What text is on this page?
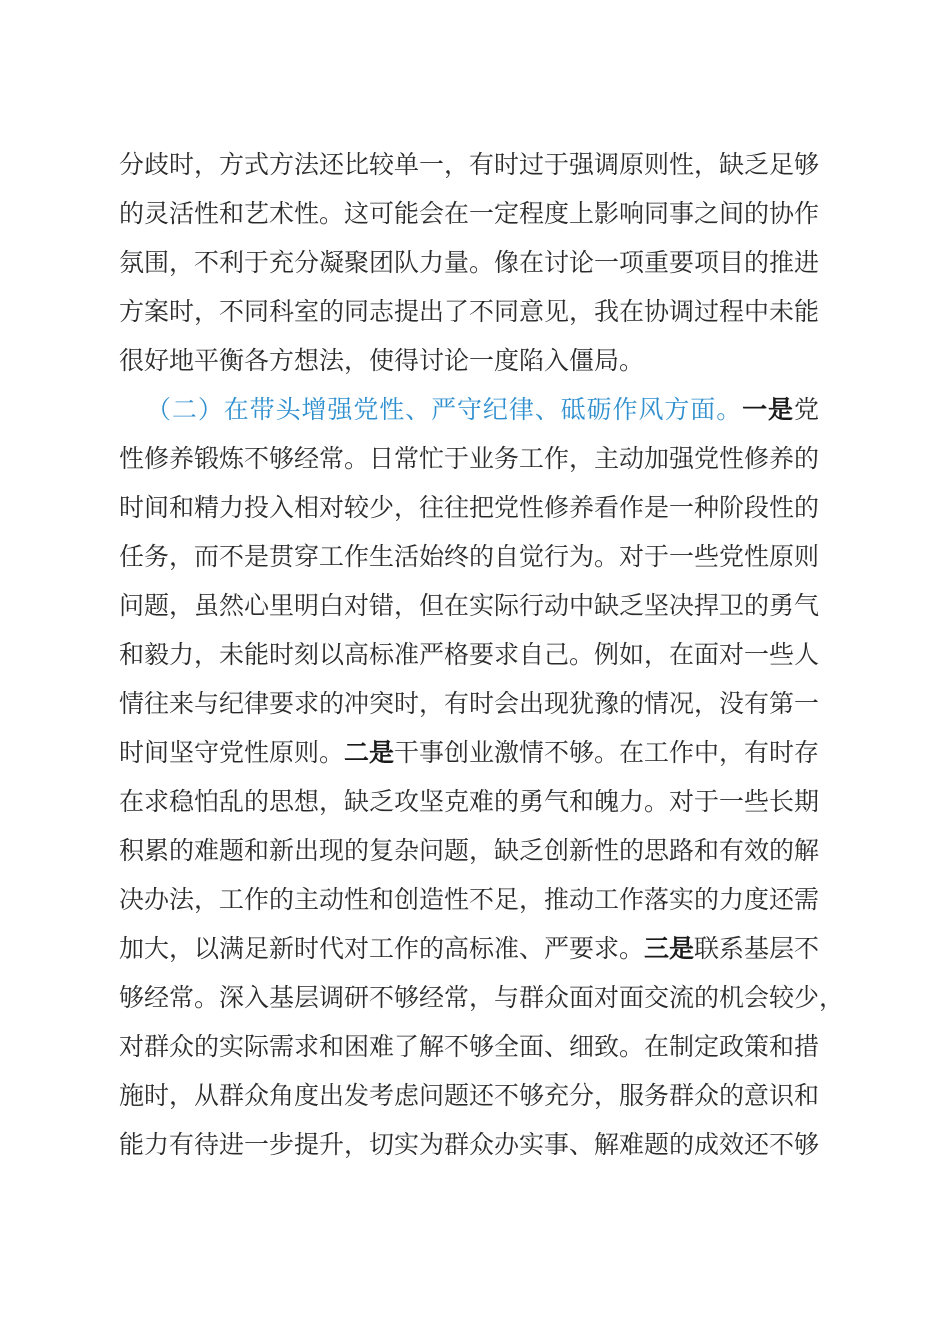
分歧时，方式方法还比较单一，有时过于强调原则性，缺乏足够
的灵活性和艺术性。这可能会在一定程度上影响同事之间的协作
氛围，不利于充分凝聚团队力量。像在讨论一项重要项目的推进
方案时，不同科室的同志提出了不同意见，我在协调过程中未能
很好地平衡各方想法，使得讨论一度陷入僵局。
（二）在带头增强党性、严守纪律、砥砺作风方面。一是党
性修养锻炼不够经常。日常忙于业务工作，主动加强党性修养的
时间和精力投入相对较少，往往把党性修养看作是一种阶段性的
任务，而不是贯穿工作生活始终的自觉行为。对于一些党性原则
问题，虽然心里明白对错，但在实际行动中缺乏坚决捍卫的勇气
和毅力，未能时刻以高标准严格要求自己。例如，在面对一些人
情往来与纪律要求的冲突时，有时会出现犹豫的情况，没有第一
时间坚守党性原则。二是干事创业激情不够。在工作中，有时存
在求稳怕乱的思想，缺乏攻坚克难的勇气和魄力。对于一些长期
积累的难题和新出现的复杂问题，缺乏创新性的思路和有效的解
决办法，工作的主动性和创造性不足，推动工作落实的力度还需
加大，以满足新时代对工作的高标准、严要求。三是联系基层不
够经常。深入基层调研不够经常，与群众面对面交流的机会较少，
对群众的实际需求和困难了解不够全面、细致。在制定政策和措
施时，从群众角度出发考虑问题还不够充分，服务群众的意识和
能力有待进一步提升，切实为群众办实事、解难题的成效还不够
